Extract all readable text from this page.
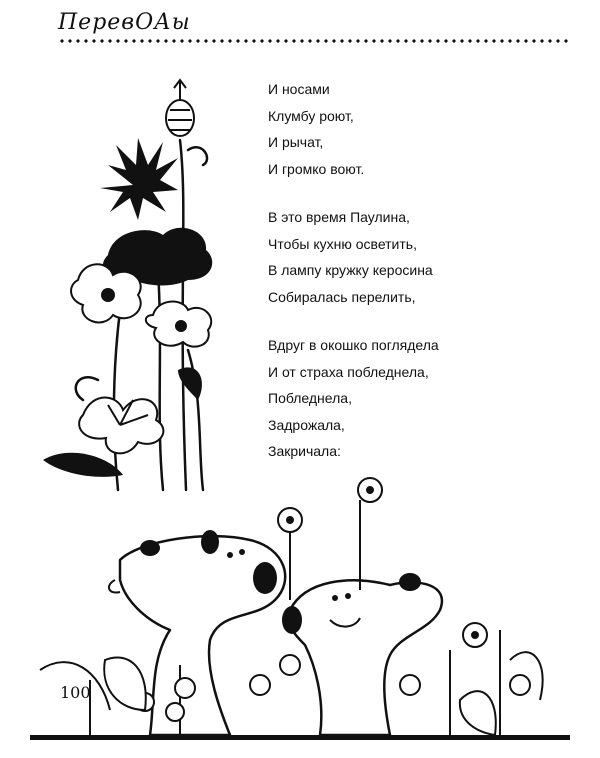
ПеревОАы
И носами
Клумбу роют,
И рычат,
И громко воют.
В это время Паулина,
Чтобы кухню осветить,
В лампу кружку керосина
Собиралась перелить,
Вдруг в окошко поглядела
И от страха побледнела,
Побледнела,
Задрожала,
Закричала:
100
